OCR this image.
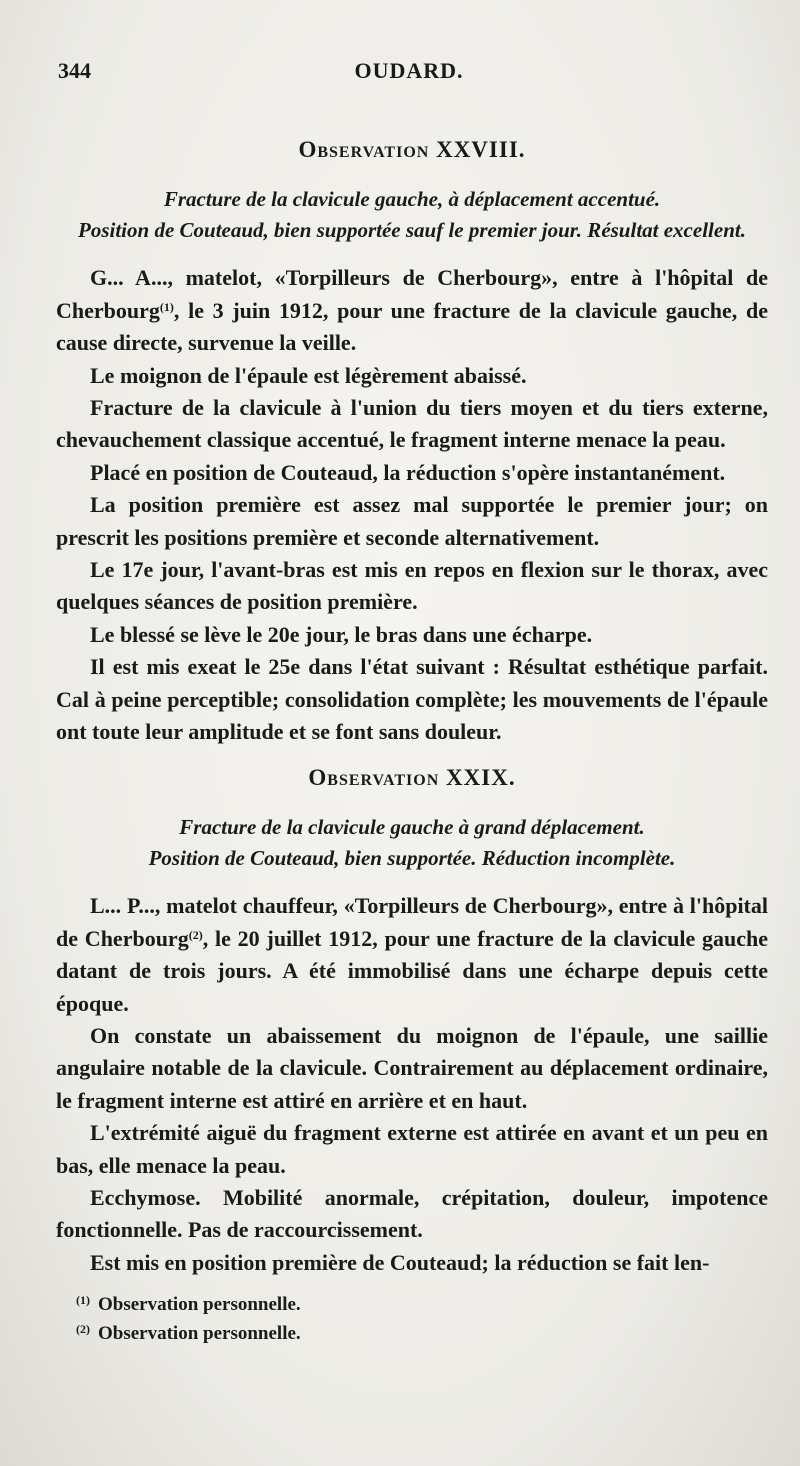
344	OUDARD.
Observation XXVIII.
Fracture de la clavicule gauche, à déplacement accentué.
Position de Couteaud, bien supportée sauf le premier jour. Résultat excellent.

G... A..., matelot, «Torpilleurs de Cherbourg», entre à l'hôpital de Cherbourg$^{(1)}$, le 3 juin 1912, pour une fracture de la clavicule gauche, de cause directe, survenue la veille.

Le moignon de l'épaule est légèrement abaissé.

Fracture de la clavicule à l'union du tiers moyen et du tiers externe, chevauchement classique accentué, le fragment interne menace la peau.

Placé en position de Couteaud, la réduction s'opère instantanément.

La position première est assez mal supportée le premier jour; on prescrit les positions première et seconde alternativement.

Le 17e jour, l'avant-bras est mis en repos en flexion sur le thorax, avec quelques séances de position première.

Le blessé se lève le 20e jour, le bras dans une écharpe.

Il est mis exeat le 25e dans l'état suivant : Résultat esthétique parfait. Cal à peine perceptible; consolidation complète; les mouvements de l'épaule ont toute leur amplitude et se font sans douleur.

Observation XXIX.
Fracture de la clavicule gauche à grand déplacement.
Position de Couteaud, bien supportée. Réduction incomplète.

L... P..., matelot chauffeur, «Torpilleurs de Cherbourg», entre à l'hôpital de Cherbourg$^{(2)}$, le 20 juillet 1912, pour une fracture de la clavicule gauche datant de trois jours. A été immobilisé dans une écharpe depuis cette époque.

On constate un abaissement du moignon de l'épaule, une saillie angulaire notable de la clavicule. Contrairement au déplacement ordinaire, le fragment interne est attiré en arrière et en haut.

L'extrémité aiguë du fragment externe est attirée en avant et un peu en bas, elle menace la peau.

Ecchymose. Mobilité anormale, crépitation, douleur, impotence fonctionnelle. Pas de raccourcissement.

Est mis en position première de Couteaud; la réduction se fait len-

$^{(1)}$ Observation personnelle.
$^{(2)}$ Observation personnelle.
